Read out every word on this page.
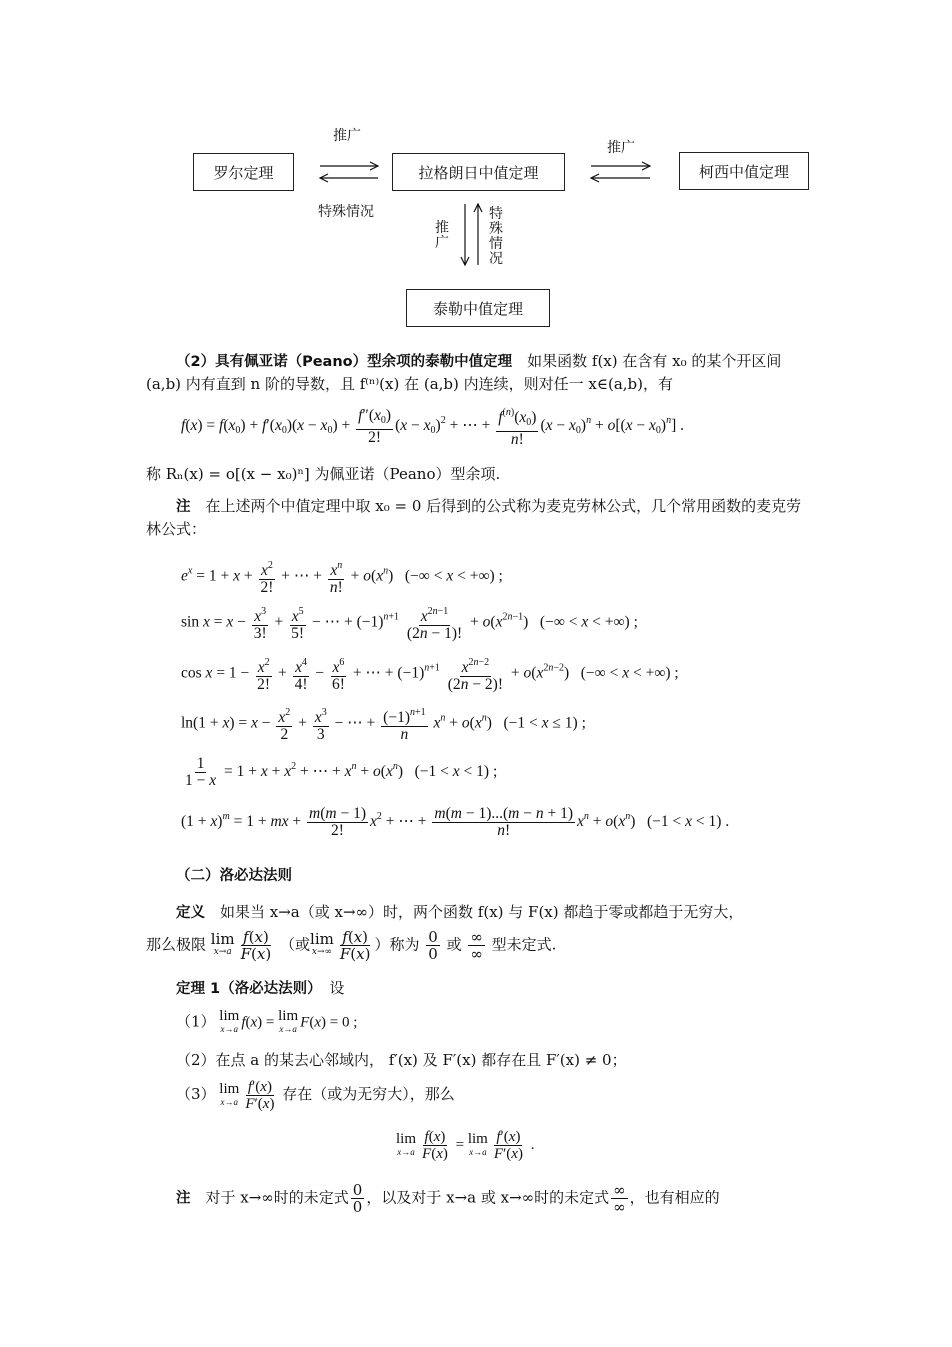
罗尔定理	拉格朗日中值定理	柯西中值定理
泰勒中值定理
推广
特殊情况
推广
推
广
特
殊
情
况
（2）具有佩亚诺（Peano）型余项的泰勒中值定理　如果函数 f(x) 在含有 x₀ 的某个开区间 (a,b) 内有直到 n 阶的导数，且 f⁽ⁿ⁾(x) 在 (a,b) 内连续，则对任一 x∈(a,b)，有
$f(x) = f(x_0) + f'(x_0)(x - x_0) + \frac{f''(x_0)}{2!} (x - x_0)^2$ + ⋯ + $\frac{f^{(n)}(x_0)}{n!} (x - x_0)^n + o[(x - x_0)^n]$ .
称 Rₙ(x) = o[(x − x₀)ⁿ] 为佩亚诺（Peano）型余项.
注　在上述两个中值定理中取 x₀ = 0 后得到的公式称为麦克劳林公式，几个常用函数的麦克劳林公式：
$e^x = 1 + x + \frac{x^2}{2!}$ + ⋯ + $\frac{x^n}{n!} + o(x^n)$   (−∞ < x < +∞) ;
$\sin x = x - \frac{x^3}{3!} + \frac{x^5}{5!}$ − ⋯ + $(-1)^{n+1} \frac{x^{2n-1}}{(2n - 1)!} + o(x^{2n-1})$   (−∞ < x < +∞) ;
$\cos x = 1 - \frac{x^2}{2!} + \frac{x^4}{4!} - \frac{x^6}{6!}$ + ⋯ + $(-1)^{n+1} \frac{x^{2n-2}}{(2n - 2)!} + o(x^{2n-2})$   (−∞ < x < +∞) ;
$\ln(1 + x) = x - \frac{x^2}{2} + \frac{x^3}{3}$ − ⋯ + $\frac{(-1)^{n+1}}{n} x^n + o(x^n) (-1 < x \le 1)$ ;
$\frac{1}{1 - x} = 1 + x + x^2$ + ⋯ + $x^n + o(x^n) (-1 < x < 1)$ ;
$(1 + x)^m = 1$ + mx + $\frac{m(m - 1)}{2!} x^2$ + ⋯ + $\frac{m(m - 1)...(m - n + 1)}{n!} x^n + o(x^n) (-1 < x < 1)$ .
（二）洛必达法则
定义　如果当 x→a（或 x→∞）时，两个函数 f(x) 与 F(x) 都趋于零或都趋于无穷大，
那么极限 lim
$x\to a \frac{f(x)}{F(x)}$ （或 lim
$x\to\infty \frac{f(x)}{F(x)}$ ）称为 $\frac{0}{0}$ 或 $\frac{\infty}{\infty}$ 型未定式.
定理 1（洛必达法则）　设
（1） lim
x→a f(x) = lim
x→a F(x) = 0 ;
（2）在点 a 的某去心邻域内， f′(x) 及 F′(x) 都存在且 F′(x) ≠ 0；
（3） lim
$x\to a \frac{f'(x)}{F'(x)}$ 存在（或为无穷大），那么
lim
$x\to a \frac{f(x)}{F(x)} = \lim$
$x\to a \frac{f'(x)}{F'(x)}$ .
注　对于 x→∞时的未定式 $\frac{0}{0}$ ，以及对于 x→a 或 x→∞时的未定式 $\frac{\infty}{\infty}$ ，也有相应的
